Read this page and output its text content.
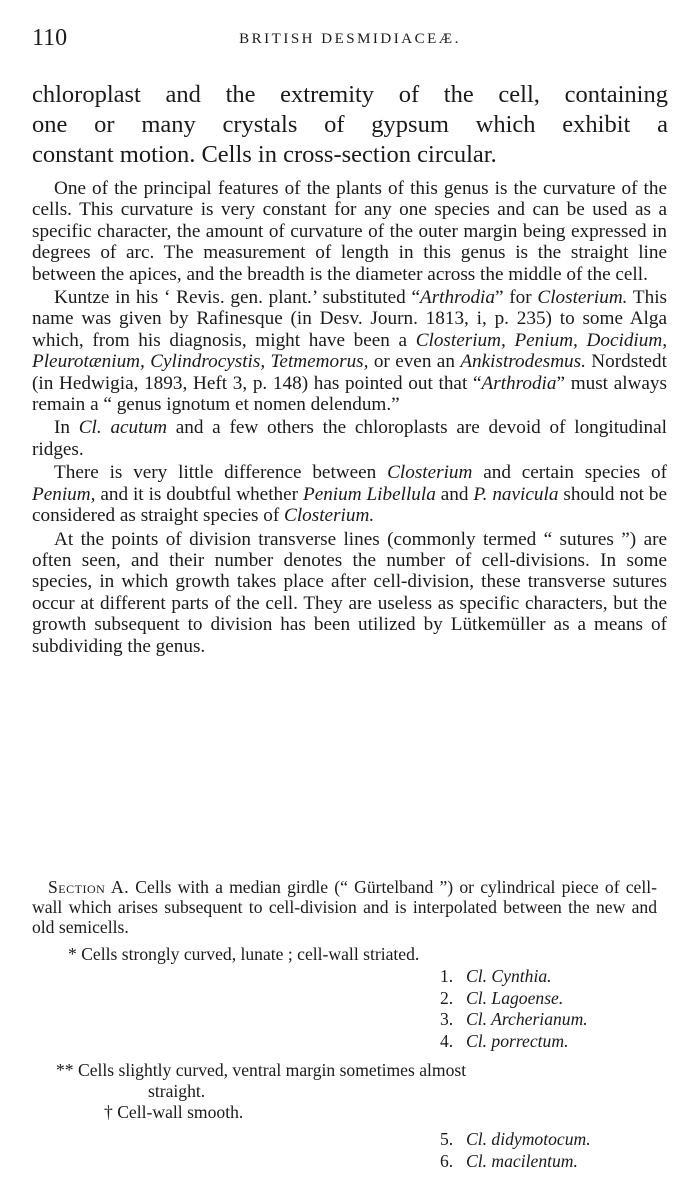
110	BRITISH DESMIDIACEÆ.
chloroplast and the extremity of the cell, containing
one or many crystals of gypsum which exhibit a
constant motion. Cells in cross-section circular.

One of the principal features of the plants of this genus is the curvature of the cells. This curvature is very constant for any one species and can be used as a specific character, the amount of curvature of the outer margin being expressed in degrees of arc. The measurement of length in this genus is the straight line between the apices, and the breadth is the diameter across the middle of the cell.

Kuntze in his ‘ Revis. gen. plant.’ substituted “Arthrodia” for Closterium. This name was given by Rafinesque (in Desv. Journ. 1813, i, p. 235) to some Alga which, from his diagnosis, might have been a Closterium, Penium, Docidium, Pleurotænium, Cylindrocystis, Tetmemorus, or even an Ankistrodesmus. Nordstedt (in Hedwigia, 1893, Heft 3, p. 148) has pointed out that “Arthrodia” must always remain a “ genus ignotum et nomen delendum.”

In Cl. acutum and a few others the chloroplasts are devoid of longitudinal ridges.

There is very little difference between Closterium and certain species of Penium, and it is doubtful whether Penium Libellula and P. navicula should not be considered as straight species of Closterium.

At the points of division transverse lines (commonly termed “ sutures ”) are often seen, and their number denotes the number of cell-divisions. In some species, in which growth takes place after cell-division, these transverse sutures occur at different parts of the cell. They are useless as specific characters, but the growth subsequent to division has been utilized by Lütkemüller as a means of subdividing the genus.

Section A. Cells with a median girdle (“ Gürtelband ”) or cylindrical piece of cell-wall which arises subsequent to cell-division and is interpolated between the new and old semicells.

* Cells strongly curved, lunate ; cell-wall striated.
1. Cl. Cynthia.
2. Cl. Lagoense.
3. Cl. Archerianum.
4. Cl. porrectum.
** Cells slightly curved, ventral margin sometimes almost
straight.
† Cell-wall smooth.
5. Cl. didymotocum.
6. Cl. macilentum.
